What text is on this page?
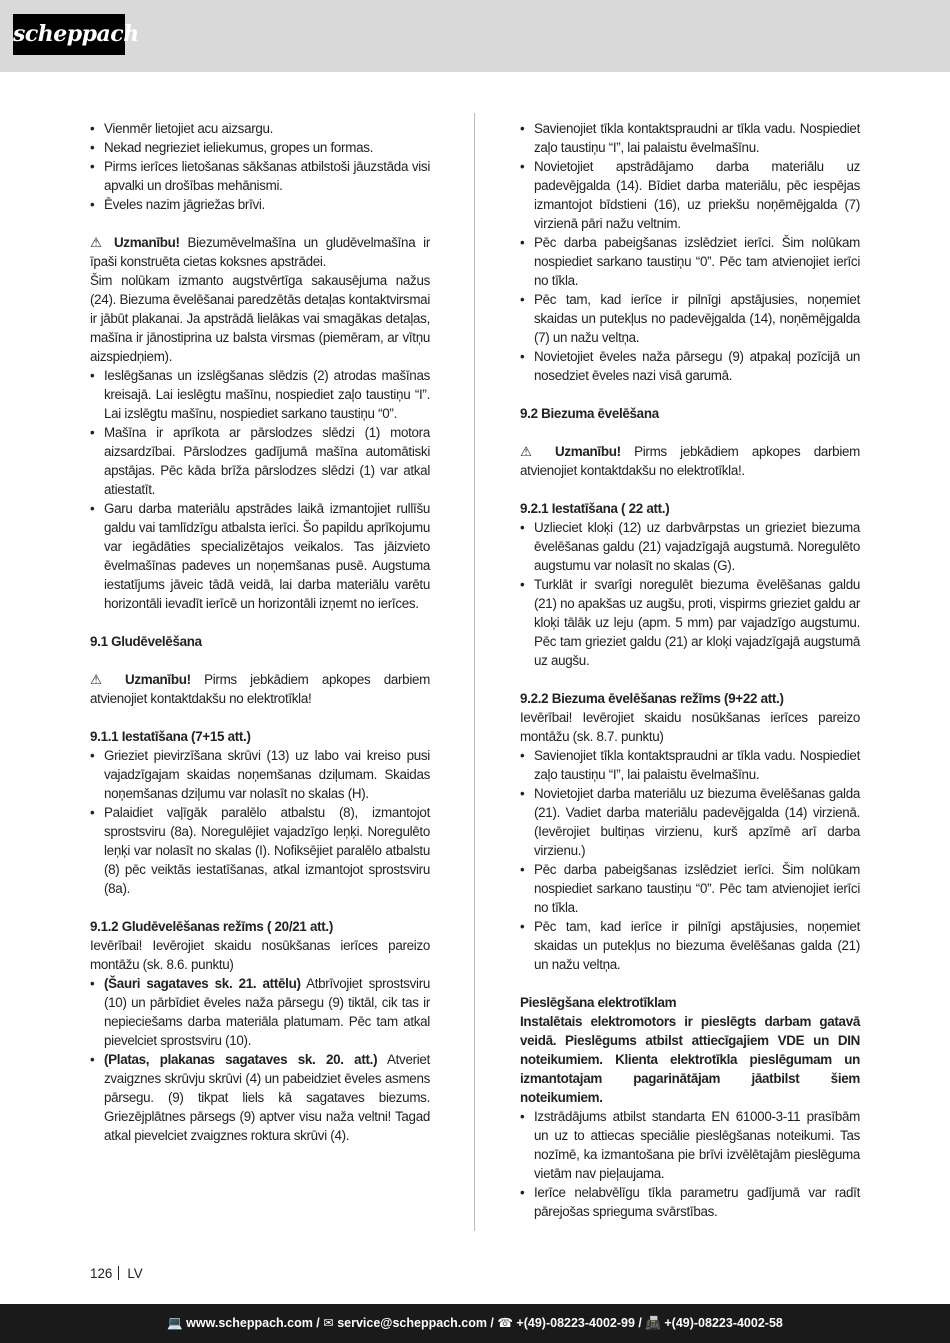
scheppach
• Vienmēr lietojiet acu aizsargu.
• Nekad negrieziet ieliekumus, gropes un formas.
• Pirms ierīces lietošanas sākšanas atbilstoši jāuzstāda visi apvalki un drošības mehānismi.
• Ēveles nazim jāgriežas brīvi.

⚠ Uzmanību! Biezumēvelmašīna un gludēvelmašīna ir īpaši konstruēta cietas koksnes apstrādei.

Šim nolūkam izmanto augstvērtīga sakausējuma nažus (24). Biezuma ēvelēšanai paredzētās detaļas kontaktvirsmai ir jābūt plakanai. Ja apstrādā lielākas vai smagākas detaļas, mašīna ir jānostiprina uz balsta virsmas (piemēram, ar vītņu aizspiedņiem).

• Ieslēgšanas un izslēgšanas slēdzis (2) atrodas mašīnas kreisajā. Lai ieslēgtu mašīnu, nospiediet zaļo taustiņu “I”. Lai izslēgtu mašīnu, nospiediet sarkano taustiņu “0”.
• Mašīna ir aprīkota ar pārslodzes slēdzi (1) motora aizsardzībai. Pārslodzes gadījumā mašīna automātiski apstājas. Pēc kāda brīža pārslodzes slēdzi (1) var atkal atiestatīt.
• Garu darba materiālu apstrādes laikā izmantojiet rullīšu galdu vai tamlīdzīgu atbalsta ierīci. Šo papildu aprīkojumu var iegādāties specializētajos veikalos. Tas jāizvieto ēvelmašīnas padeves un noņemšanas pusē. Augstuma iestatījums jāveic tādā veidā, lai darba materiālu varētu horizontāli ievadīt ierīcē un horizontāli izņemt no ierīces.

9.1 Gludēvelēšana

⚠ Uzmanību! Pirms jebkādiem apkopes darbiem atvienojiet kontaktdakšu no elektrotīkla!

9.1.1 Iestatīšana (7+15 att.)

• Grieziet pievirzīšana skrūvi (13) uz labo vai kreiso pusi vajadzīgajam skaidas noņemšanas dziļumam. Skaidas noņemšanas dziļumu var nolasīt no skalas (H).
• Palaidiet vaļīgāk paralēlo atbalstu (8), izmantojot sprostsviru (8a). Noregulējiet vajadzīgo leņķi. Noregulēto leņķi var nolasīt no skalas (I). Nofiksējiet paralēlo atbalstu (8) pēc veiktās iestatīšanas, atkal izmantojot sprostsviru (8a).

9.1.2 Gludēvelēšanas režīms ( 20/21 att.)

Ievērībai! Ievērojiet skaidu nosūkšanas ierīces pareizo montāžu (sk. 8.6. punktu)

• (Šauri sagataves sk. 21. attēlu) Atbrīvojiet sprostsviru (10) un pārbīdiet ēveles naža pārsegu (9) tiktāl, cik tas ir nepieciešams darba materiāla platumam. Pēc tam atkal pievelciet sprostsviru (10).
• (Platas, plakanas sagataves sk. 20. att.) Atveriet zvaigznes skrūvju skrūvi (4) un pabeidziet ēveles asmens pārsegu. (9) tikpat liels kā sagataves biezums. Griezējplātnes pārsegs (9) aptver visu naža veltni! Tagad atkal pievelciet zvaigznes roktura skrūvi (4).
• Savienojiet tīkla kontaktspraudni ar tīkla vadu. Nospiediet zaļo taustiņu “I”, lai palaistu ēvelmašīnu.
• Novietojiet apstrādājamo darba materiālu uz padevējgalda (14). Bīdiet darba materiālu, pēc iespējas izmantojot bīdstieni (16), uz priekšu noņēmējgalda (7) virzienā pāri nažu veltnim.
• Pēc darba pabeigšanas izslēdziet ierīci. Šim nolūkam nospiediet sarkano taustiņu “0”. Pēc tam atvienojiet ierīci no tīkla.
• Pēc tam, kad ierīce ir pilnīgi apstājusies, noņemiet skaidas un putekļus no padevējgalda (14), noņēmējgalda (7) un nažu veltņa.
• Novietojiet ēveles naža pārsegu (9) atpakaļ pozīcijā un nosedziet ēveles nazi visā garumā.

9.2 Biezuma ēvelēšana

⚠ Uzmanību! Pirms jebkādiem apkopes darbiem atvienojiet kontaktdakšu no elektrotīkla!.

9.2.1 Iestatīšana ( 22 att.)

• Uzlieciet kloķi (12) uz darbvārpstas un grieziet biezuma ēvelēšanas galdu (21) vajadzīgajā augstumā. Noregulēto augstumu var nolasīt no skalas (G).
• Turklāt ir svarīgi noregulēt biezuma ēvelēšanas galdu (21) no apakšas uz augšu, proti, vispirms grieziet galdu ar kloķi tālāk uz leju (apm. 5 mm) par vajadzīgo augstumu. Pēc tam grieziet galdu (21) ar kloķi vajadzīgajā augstumā uz augšu.

9.2.2 Biezuma ēvelēšanas režīms (9+22 att.)

Ievērībai! Ievērojiet skaidu nosūkšanas ierīces pareizo montāžu (sk. 8.7. punktu)

• Savienojiet tīkla kontaktspraudni ar tīkla vadu. Nospiediet zaļo taustiņu “I”, lai palaistu ēvelmašīnu.
• Novietojiet darba materiālu uz biezuma ēvelēšanas galda (21). Vadiet darba materiālu padevējgalda (14) virzienā. (Ievērojiet bultiņas virzienu, kurš apzīmē arī darba virzienu.)
• Pēc darba pabeigšanas izslēdziet ierīci. Šim nolūkam nospiediet sarkano taustiņu “0”. Pēc tam atvienojiet ierīci no tīkla.
• Pēc tam, kad ierīce ir pilnīgi apstājusies, noņemiet skaidas un putekļus no biezuma ēvelēšanas galda (21) un nažu veltņa.

Pieslēgšana elektrotīklam

Instalētais elektromotors ir pieslēgts darbam gatavā veidā. Pieslēgums atbilst attiecīgajiem VDE un DIN noteikumiem. Klienta elektrotīkla pieslēgumam un izmantotajam pagarinātājam jāatbilst šiem noteikumiem.

• Izstrādājums atbilst standarta EN 61000-3-11 prasībām un uz to attiecas speciālie pieslēgšanas noteikumi. Tas nozīmē, ka izmantošana pie brīvi izvēlētajām pieslēguma vietām nav pieļaujama.
• Ierīce nelabvēlīgu tīkla parametru gadījumā var radīt pārejošas sprieguma svārstības.
126 LV
💻 www.scheppach.com / ✉ service@scheppach.com / ☎ +(49)-08223-4002-99 / 📠 +(49)-08223-4002-58
